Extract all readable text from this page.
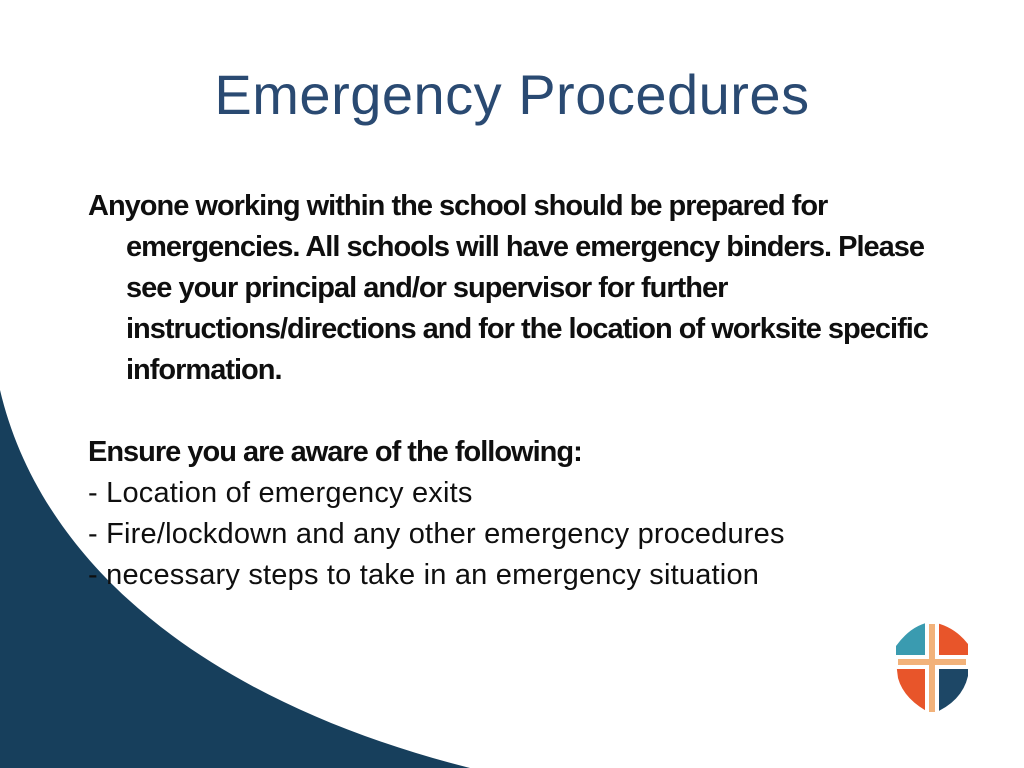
Emergency Procedures

Anyone working within the school should be prepared for emergencies. All schools will have emergency binders. Please see your principal and/or supervisor for further instructions/directions and for the location of worksite specific information.

Ensure you are aware of the following:

- Location of emergency exits

- Fire/lockdown and any other emergency procedures

- necessary steps to take in an emergency situation
